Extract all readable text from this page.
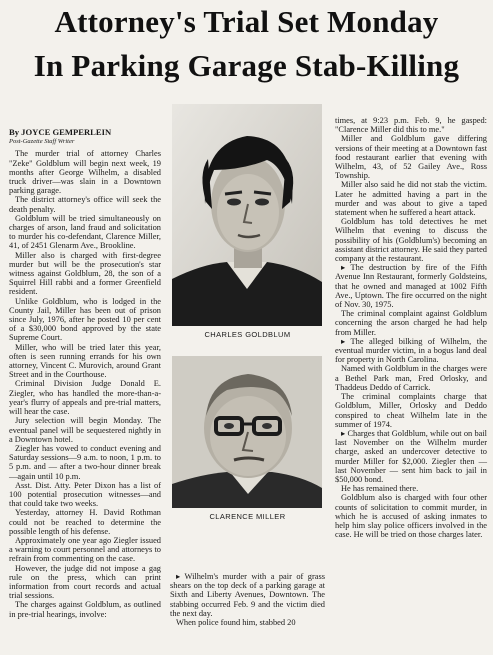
Attorney's Trial Set Monday
In Parking Garage Stab-Killing
By JOYCE GEMPERLEIN
Post-Gazette Staff Writer

The murder trial of attorney Charles "Zeke" Goldblum will begin next week, 19 months after George Wilhelm, a disabled truck driver—was slain in a Downtown parking garage.

The district attorney's office will seek the death penalty.

Goldblum will be tried simultaneously on charges of arson, land fraud and solicitation to murder his co-defendant, Clarence Miller, 41, of 2451 Glenarm Ave., Brookline.

Miller also is charged with first-degree murder but will be the prosecution's star witness against Goldblum, 28, the son of a Squirrel Hill rabbi and a former Greenfield resident.

Unlike Goldblum, who is lodged in the County Jail, Miller has been out of prison since July, 1976, after he posted 10 per cent of a $30,000 bond approved by the state Supreme Court.

Miller, who will be tried later this year, often is seen running errands for his own attorney, Vincent C. Murovich, around Grant Street and in the Courthouse.

Criminal Division Judge Donald E. Ziegler, who has handled the more-than-a-year's flurry of appeals and pre-trial matters, will hear the case.

Jury selection will begin Monday. The eventual panel will be sequestered nightly in a Downtown hotel.

Ziegler has vowed to conduct evening and Saturday sessions—9 a.m. to noon, 1 p.m. to 5 p.m. and — after a two-hour dinner break—again until 10 p.m.

Asst. Dist. Atty. Peter Dixon has a list of 100 potential prosecution witnesses—and that could take two weeks.

Yesterday, attorney H. David Rothman could not be reached to determine the possible length of his defense.

Approximately one year ago Ziegler issued a warning to court personnel and attorneys to refrain from commenting on the case.

However, the judge did not impose a gag rule on the press, which can print information from court records and actual trial sessions.

The charges against Goldblum, as outlined in pre-trial hearings, involve:

CHARLES GOLDBLUM
CLARENCE MILLER

▸ Wilhelm's murder with a pair of grass shears on the top deck of a parking garage at Sixth and Liberty Avenues, Downtown. The stabbing occurred Feb. 9 and the victim died the next day.

When police found him, stabbed 20

times, at 9:23 p.m. Feb. 9, he gasped: "Clarence Miller did this to me."

Miller and Goldblum gave differing versions of their meeting at a Downtown fast food restaurant earlier that evening with Wilhelm, 43, of 52 Gailey Ave., Ross Township.

Miller also said he did not stab the victim. Later he admitted having a part in the murder and was about to give a taped statement when he suffered a heart attack.

Goldblum has told detectives he met Wilhelm that evening to discuss the possibility of his (Goldblum's) becoming an assistant district attorney. He said they parted company at the restaurant.

▸ The destruction by fire of the Fifth Avenue Inn Restaurant, formerly Goldsteins, that he owned and managed at 1002 Fifth Ave., Uptown. The fire occurred on the night of Nov. 30, 1975.

The criminal complaint against Goldblum concerning the arson charged he had help from Miller.

▸ The alleged bilking of Wilhelm, the eventual murder victim, in a bogus land deal for property in North Carolina.

Named with Goldblum in the charges were a Bethel Park man, Fred Orlosky, and Thaddeus Deddo of Carrick.

The criminal complaints charge that Goldblum, Miller, Orlosky and Deddo conspired to cheat Wilhelm late in the summer of 1974.

▸ Charges that Goldblum, while out on bail last November on the Wilhelm murder charge, asked an undercover detective to murder Miller for $2,000. Ziegler then — last November — sent him back to jail in $50,000 bond.

He has remained there.

Goldblum also is charged with four other counts of solicitation to commit murder, in which he is accused of asking inmates to help him slay police officers involved in the case. He will be tried on those charges later.
